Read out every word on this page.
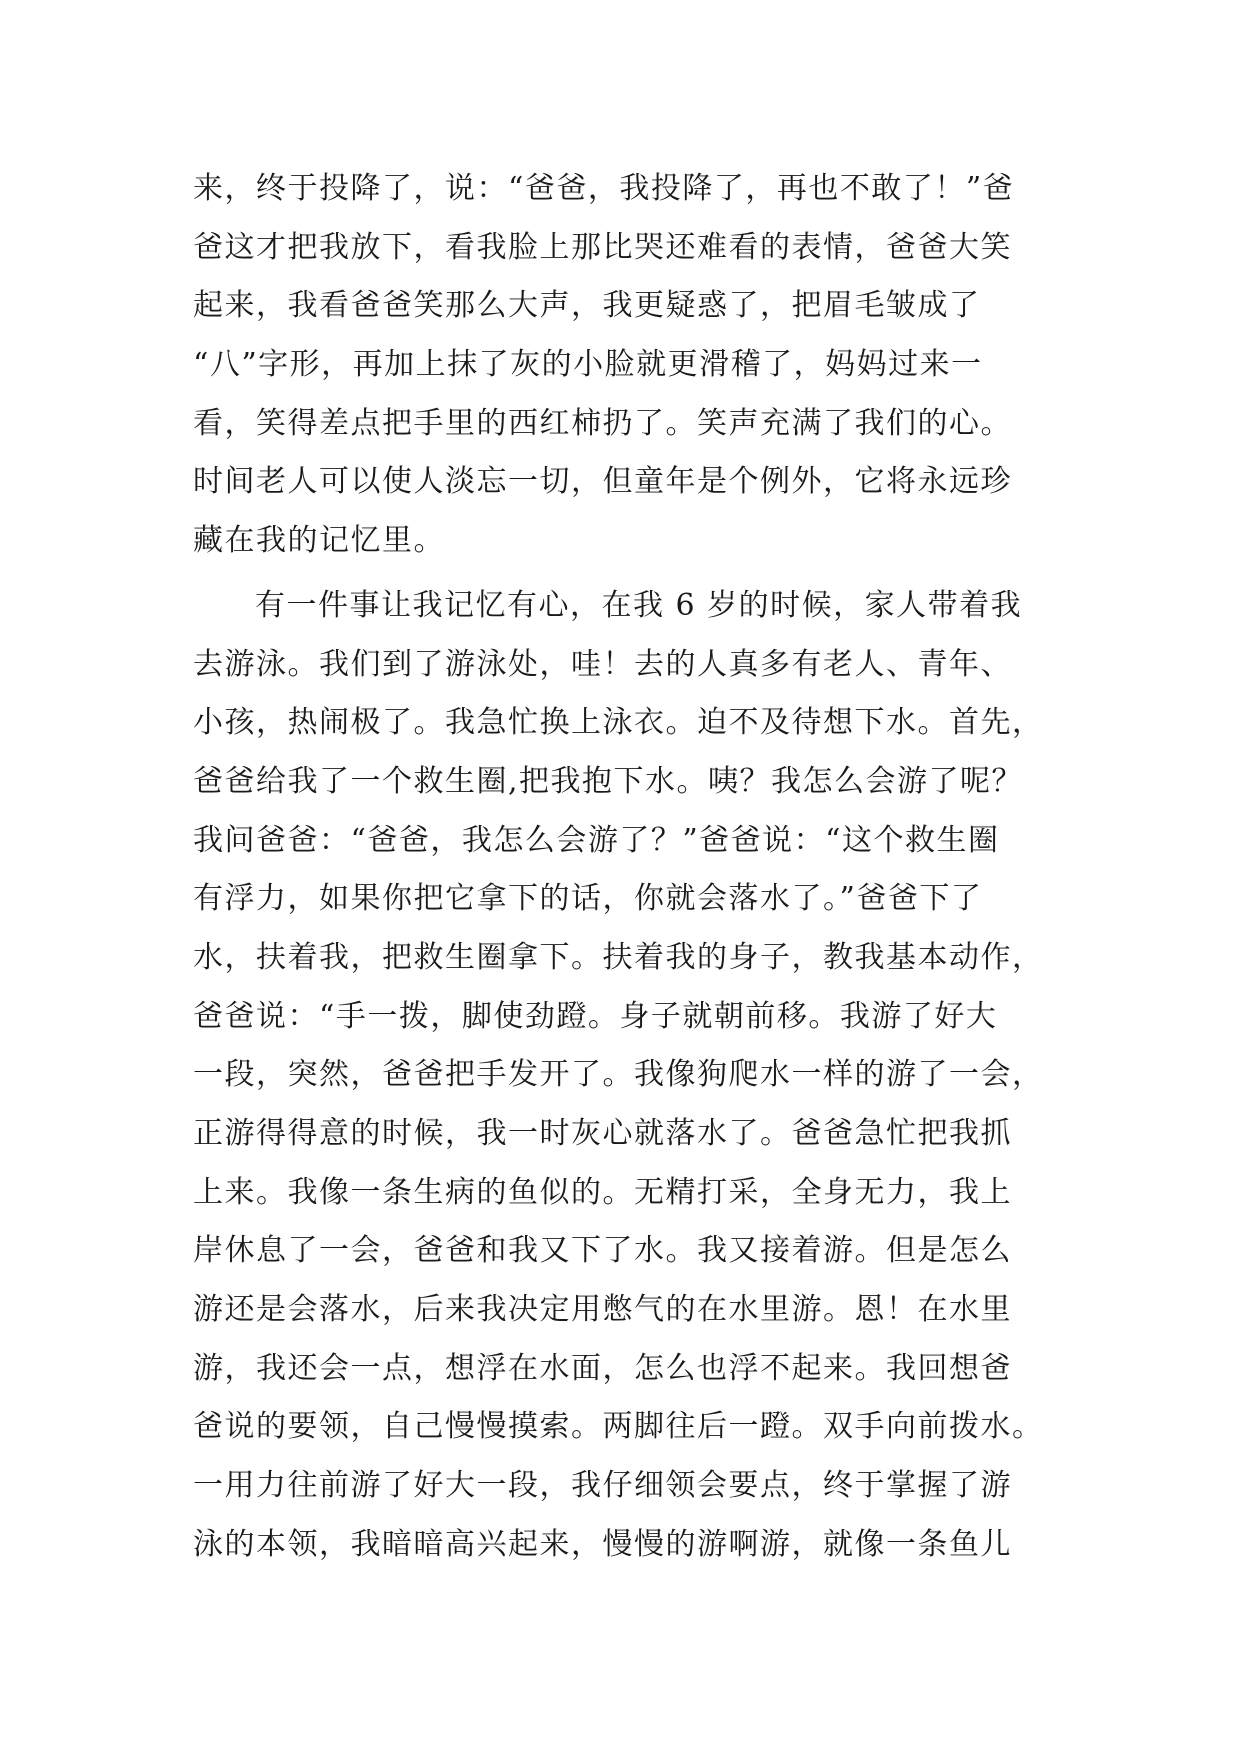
来，终于投降了，说：“爸爸，我投降了，再也不敢了！”爸
爸这才把我放下，看我脸上那比哭还难看的表情，爸爸大笑
起来，我看爸爸笑那么大声，我更疑惑了，把眉毛皱成了
“八”字形，再加上抹了灰的小脸就更滑稽了，妈妈过来一
看，笑得差点把手里的西红柿扔了。笑声充满了我们的心。
时间老人可以使人淡忘一切，但童年是个例外，它将永远珍
藏在我的记忆里。
有一件事让我记忆有心，在我 6 岁的时候，家人带着我
去游泳。我们到了游泳处，哇！去的人真多有老人、青年、
小孩，热闹极了。我急忙换上泳衣。迫不及待想下水。首先，
爸爸给我了一个救生圈,把我抱下水。咦？我怎么会游了呢？
我问爸爸：“爸爸，我怎么会游了？”爸爸说：“这个救生圈
有浮力，如果你把它拿下的话，你就会落水了。”爸爸下了
水，扶着我，把救生圈拿下。扶着我的身子，教我基本动作，
爸爸说：“手一拨，脚使劲蹬。身子就朝前移。我游了好大
一段，突然，爸爸把手发开了。我像狗爬水一样的游了一会，
正游得得意的时候，我一时灰心就落水了。爸爸急忙把我抓
上来。我像一条生病的鱼似的。无精打采，全身无力，我上
岸休息了一会，爸爸和我又下了水。我又接着游。但是怎么
游还是会落水，后来我决定用憋气的在水里游。恩！在水里
游，我还会一点，想浮在水面，怎么也浮不起来。我回想爸
爸说的要领，自己慢慢摸索。两脚往后一蹬。双手向前拨水。
一用力往前游了好大一段，我仔细领会要点，终于掌握了游
泳的本领，我暗暗高兴起来，慢慢的游啊游，就像一条鱼儿
